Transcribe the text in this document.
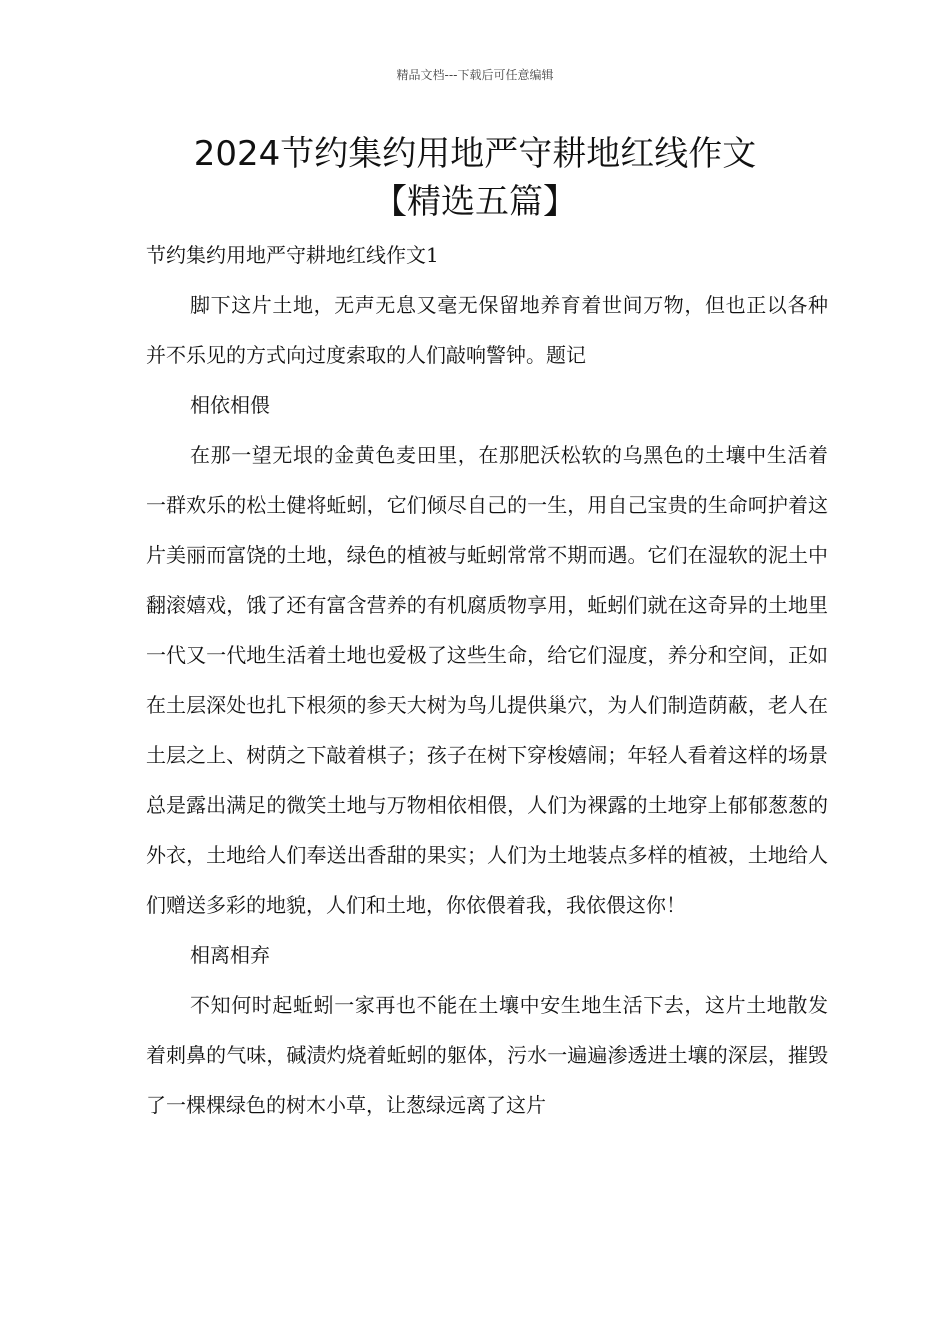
精品文档---下载后可任意编辑
2024节约集约用地严守耕地红线作文
【精选五篇】

节约集约用地严守耕地红线作文1

脚下这片土地，无声无息又毫无保留地养育着世间万物，但也正以各种并不乐见的方式向过度索取的人们敲响警钟。题记

相依相偎

在那一望无垠的金黄色麦田里，在那肥沃松软的乌黑色的土壤中生活着一群欢乐的松土健将蚯蚓，它们倾尽自己的一生，用自己宝贵的生命呵护着这片美丽而富饶的土地，绿色的植被与蚯蚓常常不期而遇。它们在湿软的泥土中翻滚嬉戏，饿了还有富含营养的有机腐质物享用，蚯蚓们就在这奇异的土地里一代又一代地生活着土地也爱极了这些生命，给它们湿度，养分和空间，正如在土层深处也扎下根须的参天大树为鸟儿提供巢穴，为人们制造荫蔽，老人在土层之上、树荫之下敲着棋子；孩子在树下穿梭嬉闹；年轻人看着这样的场景总是露出满足的微笑土地与万物相依相偎，人们为裸露的土地穿上郁郁葱葱的外衣，土地给人们奉送出香甜的果实；人们为土地装点多样的植被，土地给人们赠送多彩的地貌，人们和土地，你依偎着我，我依偎这你！

相离相弃

不知何时起蚯蚓一家再也不能在土壤中安生地生活下去，这片土地散发着刺鼻的气味，碱渍灼烧着蚯蚓的躯体，污水一遍遍渗透进土壤的深层，摧毁了一棵棵绿色的树木小草，让葱绿远离了这片
